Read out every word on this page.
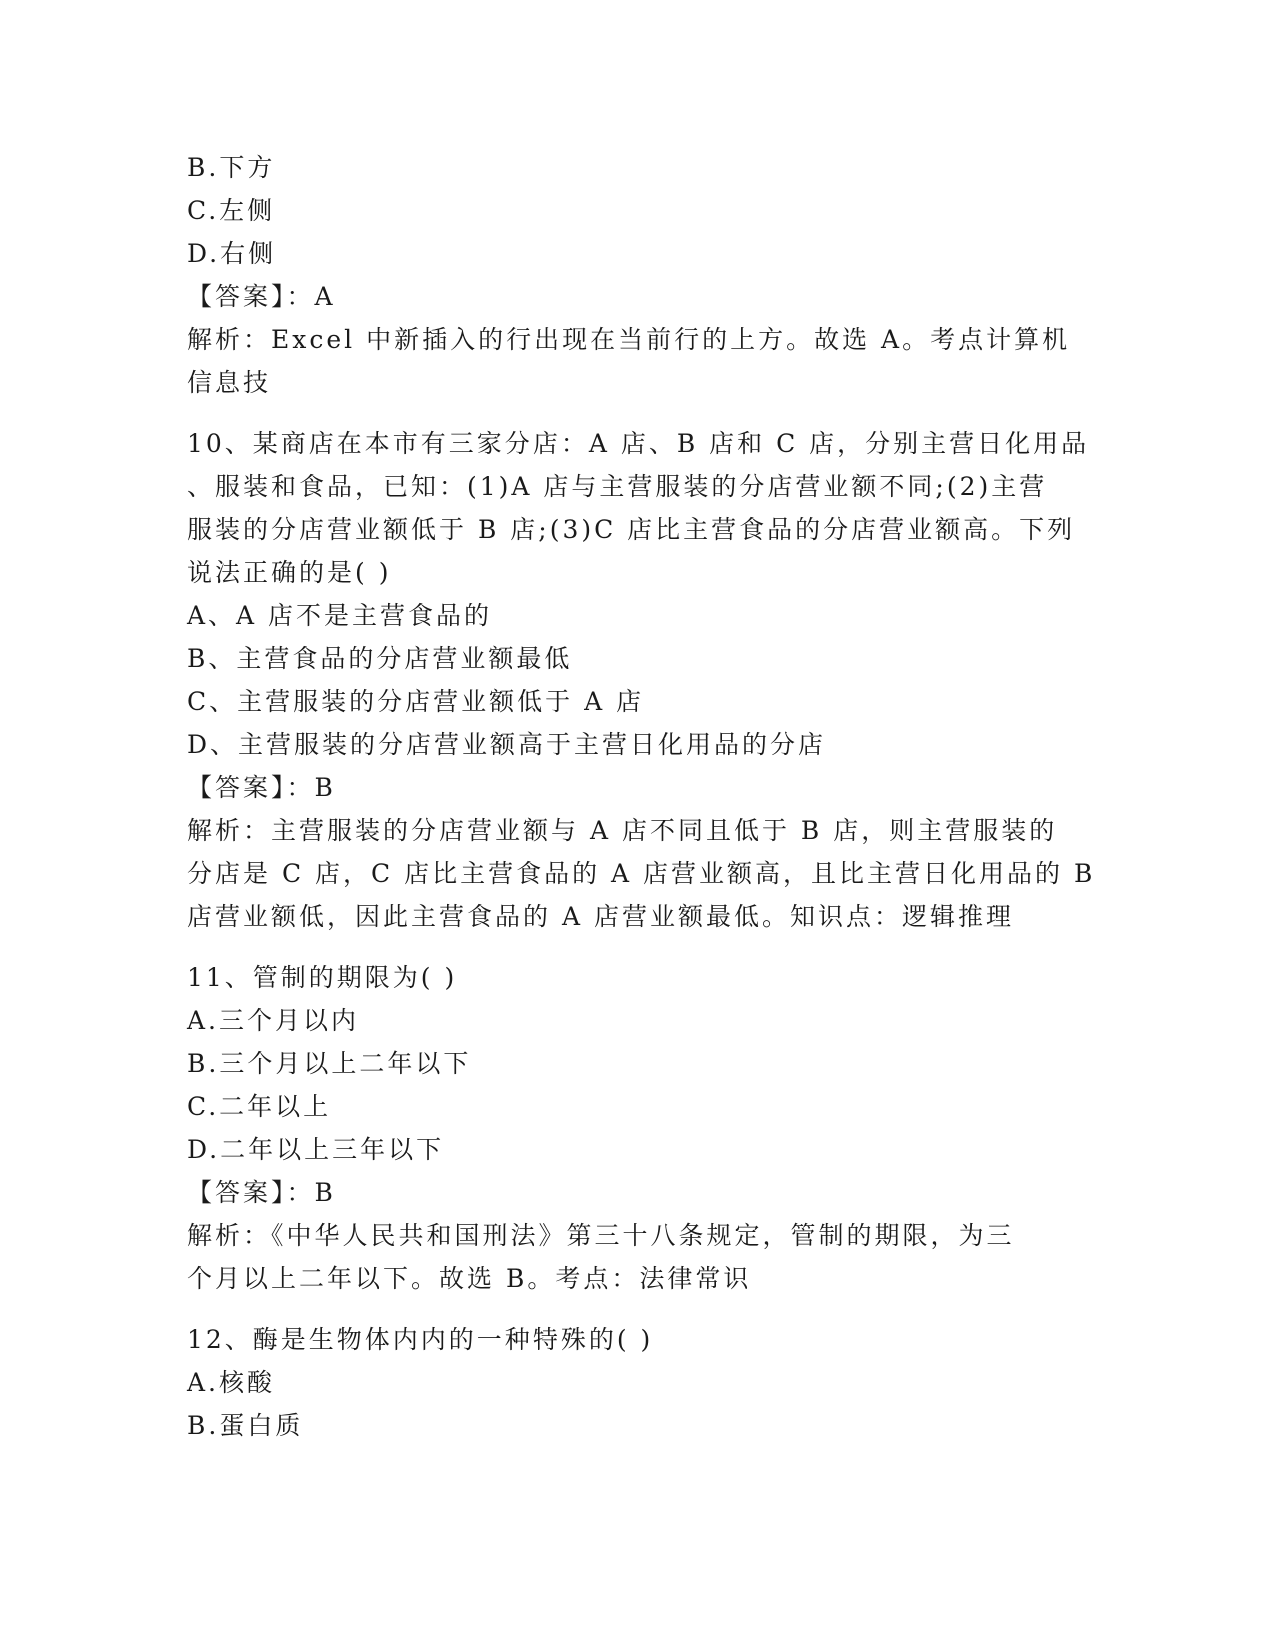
B.下方
C.左侧
D.右侧
【答案】：A
解析：Excel 中新插入的行出现在当前行的上方。故选 A。考点计算机
信息技
10、某商店在本市有三家分店：A 店、B 店和 C 店，分别主营日化用品
、服装和食品，已知：(1)A 店与主营服装的分店营业额不同;(2)主营
服装的分店营业额低于 B 店;(3)C 店比主营食品的分店营业额高。下列
说法正确的是( )
A、A 店不是主营食品的
B、主营食品的分店营业额最低
C、主营服装的分店营业额低于 A 店
D、主营服装的分店营业额高于主营日化用品的分店
【答案】：B
解析：主营服装的分店营业额与 A 店不同且低于 B 店，则主营服装的
分店是 C 店，C 店比主营食品的 A 店营业额高，且比主营日化用品的 B
店营业额低，因此主营食品的 A 店营业额最低。知识点：逻辑推理
11、管制的期限为( )
A.三个月以内
B.三个月以上二年以下
C.二年以上
D.二年以上三年以下
【答案】：B
解析：《中华人民共和国刑法》第三十八条规定，管制的期限，为三
个月以上二年以下。故选 B。考点：法律常识
12、酶是生物体内内的一种特殊的( )
A.核酸
B.蛋白质
